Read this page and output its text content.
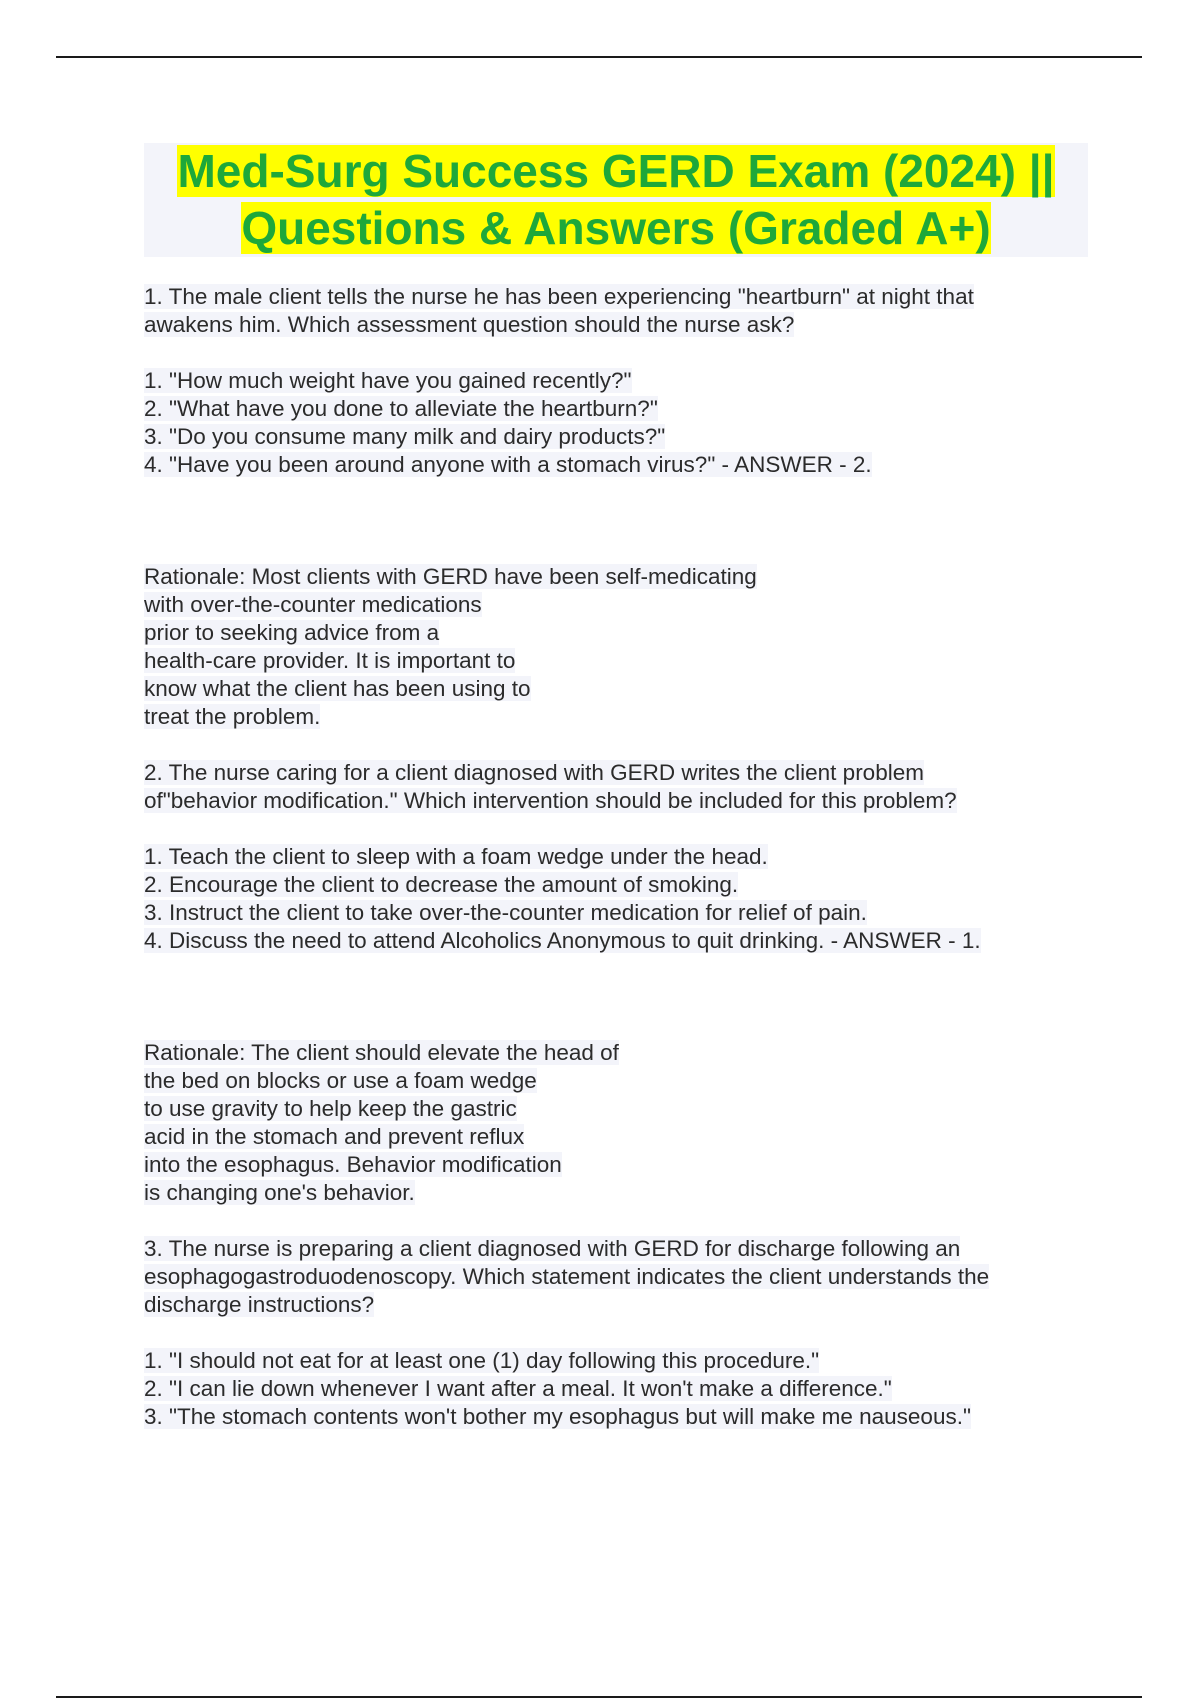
Med-Surg Success GERD Exam (2024) ||
Questions & Answers (Graded A+)
1. The male client tells the nurse he has been experiencing "heartburn" at night that
awakens him. Which assessment question should the nurse ask?
1. "How much weight have you gained recently?"
2. "What have you done to alleviate the heartburn?"
3. "Do you consume many milk and dairy products?"
4. "Have you been around anyone with a stomach virus?" - ANSWER - 2.
Rationale: Most clients with GERD have been self-medicating
with over-the-counter medications
prior to seeking advice from a
health-care provider. It is important to
know what the client has been using to
treat the problem.
2. The nurse caring for a client diagnosed with GERD writes the client problem
of"behavior modification." Which intervention should be included for this problem?
1. Teach the client to sleep with a foam wedge under the head.
2. Encourage the client to decrease the amount of smoking.
3. Instruct the client to take over-the-counter medication for relief of pain.
4. Discuss the need to attend Alcoholics Anonymous to quit drinking. - ANSWER - 1.
Rationale: The client should elevate the head of
the bed on blocks or use a foam wedge
to use gravity to help keep the gastric
acid in the stomach and prevent reflux
into the esophagus. Behavior modification
is changing one's behavior.
3. The nurse is preparing a client diagnosed with GERD for discharge following an
esophagogastroduodenoscopy. Which statement indicates the client understands the
discharge instructions?
1. "I should not eat for at least one (1) day following this procedure."
2. "I can lie down whenever I want after a meal. It won't make a difference."
3. "The stomach contents won't bother my esophagus but will make me nauseous."
